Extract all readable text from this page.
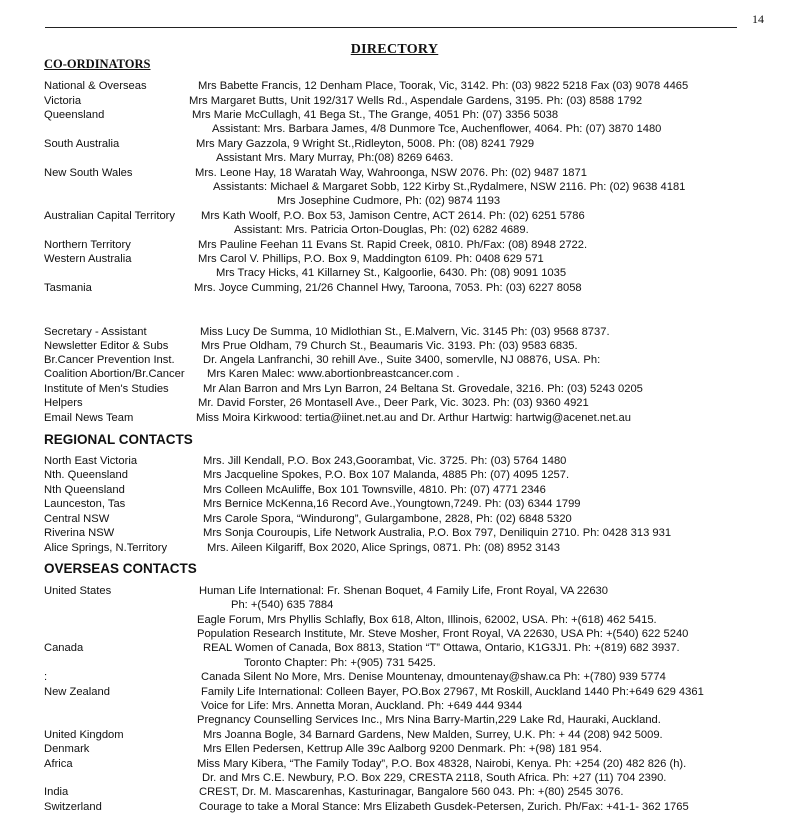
14
DIRECTORY
CO-ORDINATORS
National & Overseas	Mrs Babette Francis, 12 Denham Place, Toorak, Vic, 3142. Ph: (03) 9822 5218 Fax (03) 9078 4465
Victoria	Mrs Margaret Butts, Unit 192/317 Wells Rd., Aspendale Gardens, 3195. Ph: (03) 8588 1792
Queensland	Mrs Marie McCullagh, 41 Bega St., The Grange, 4051 Ph: (07) 3356 5038
Assistant: Mrs. Barbara James, 4/8 Dunmore Tce, Auchenflower, 4064. Ph: (07) 3870 1480
South Australia	Mrs Mary Gazzola, 9 Wright St.,Ridleyton, 5008. Ph: (08) 8241 7929
Assistant Mrs. Mary Murray, Ph:(08) 8269 6463.
New South Wales	Mrs. Leone Hay, 18 Waratah Way, Wahroonga, NSW 2076. Ph: (02) 9487 1871
Assistants: Michael & Margaret Sobb, 122 Kirby St.,Rydalmere, NSW 2116. Ph: (02) 9638 4181
Mrs Josephine Cudmore, Ph: (02) 9874 1193
Australian Capital Territory Mrs Kath Woolf, P.O. Box 53, Jamison Centre, ACT 2614. Ph: (02) 6251 5786
Assistant: Mrs. Patricia Orton-Douglas, Ph: (02) 6282 4689.
Northern Territory	Mrs Pauline Feehan 11 Evans St. Rapid Creek, 0810. Ph/Fax: (08) 8948 2722.
Western Australia	Mrs Carol V. Phillips, P.O. Box 9, Maddington 6109. Ph: 0408 629 571
Mrs Tracy Hicks, 41 Killarney St., Kalgoorlie, 6430. Ph: (08) 9091 1035
Tasmania	Mrs. Joyce Cumming, 21/26 Channel Hwy, Taroona, 7053. Ph: (03) 6227 8058
Secretary - Assistant	Miss Lucy De Summa, 10 Midlothian St., E.Malvern, Vic. 3145 Ph: (03) 9568 8737.
Newsletter Editor & Subs	Mrs Prue Oldham, 79 Church St., Beaumaris Vic. 3193. Ph: (03) 9583 6835.
Br.Cancer Prevention Inst.	Dr. Angela Lanfranchi, 30 rehill Ave., Suite 3400, somervlle, NJ 08876, USA. Ph:
Coalition Abortion/Br.Cancer Mrs Karen Malec: www.abortionbreastcancer.com .
Institute of Men's Studies	Mr Alan Barron and Mrs Lyn Barron, 24 Beltana St. Grovedale, 3216. Ph: (03) 5243 0205
Helpers	Mr. David Forster, 26 Montasell Ave., Deer Park, Vic. 3023. Ph: (03) 9360 4921
Email News Team	Miss Moira Kirkwood: tertia@iinet.net.au and Dr. Arthur Hartwig: hartwig@acenet.net.au
REGIONAL CONTACTS
North East Victoria	Mrs. Jill Kendall, P.O. Box 243,Goorambat, Vic. 3725. Ph: (03) 5764 1480
Nth. Queensland	Mrs Jacqueline Spokes, P.O. Box 107 Malanda, 4885 Ph: (07) 4095 1257.
Nth Queensland	Mrs Colleen McAuliffe, Box 101 Townsville, 4810. Ph: (07) 4771 2346
Launceston, Tas	Mrs Bernice McKenna,16 Record Ave.,Youngtown,7249. Ph: (03) 6344 1799
Central NSW	Mrs Carole Spora, “Windurong”, Gulargambone, 2828, Ph: (02) 6848 5320
Riverina NSW	Mrs Sonja Couroupis, Life Network Australia, P.O. Box 797, Deniliquin 2710. Ph: 0428 313 931
Alice Springs, N.Territory	Mrs. Aileen Kilgariff, Box 2020, Alice Springs, 0871. Ph: (08) 8952 3143
OVERSEAS CONTACTS
United States	Human Life International: Fr. Shenan Boquet, 4 Family Life, Front Royal, VA 22630
Ph: +(540) 635 7884
Eagle Forum, Mrs Phyllis Schlafly, Box 618, Alton, Illinois, 62002, USA. Ph: +(618) 462 5415.
Population Research Institute, Mr. Steve Mosher, Front Royal, VA 22630, USA Ph: +(540) 622 5240
Canada	REAL Women of Canada, Box 8813, Station “T” Ottawa, Ontario, K1G3J1. Ph: +(819) 682 3937.
Toronto Chapter: Ph: +(905) 731 5425.
:	Canada Silent No More, Mrs. Denise Mountenay, dmountenay@shaw.ca Ph: +(780) 939 5774
New Zealand	Family Life International: Colleen Bayer, PO.Box 27967, Mt Roskill, Auckland 1440 Ph:+649 629 4361
Voice for Life: Mrs. Annetta Moran, Auckland. Ph: +649 444 9344
Pregnancy Counselling Services Inc., Mrs Nina Barry-Martin,229 Lake Rd, Hauraki, Auckland.
United Kingdom	Mrs Joanna Bogle, 34 Barnard Gardens, New Malden, Surrey, U.K. Ph: + 44 (208) 942 5009.
Denmark	Mrs Ellen Pedersen, Kettrup Alle 39c Aalborg 9200 Denmark. Ph: +(98) 181 954.
Africa	Miss Mary Kibera, “The Family Today”, P.O. Box 48328, Nairobi, Kenya. Ph: +254 (20) 482 826 (h).
Dr. and Mrs C.E. Newbury, P.O. Box 229, CRESTA 2118, South Africa. Ph: +27 (11) 704 2390.
India	CREST, Dr. M. Mascarenhas, Kasturinagar, Bangalore 560 043. Ph: +(80) 2545 3076.
Switzerland	Courage to take a Moral Stance: Mrs Elizabeth Gusdek-Petersen, Zurich. Ph/Fax: +41-1- 362 1765
